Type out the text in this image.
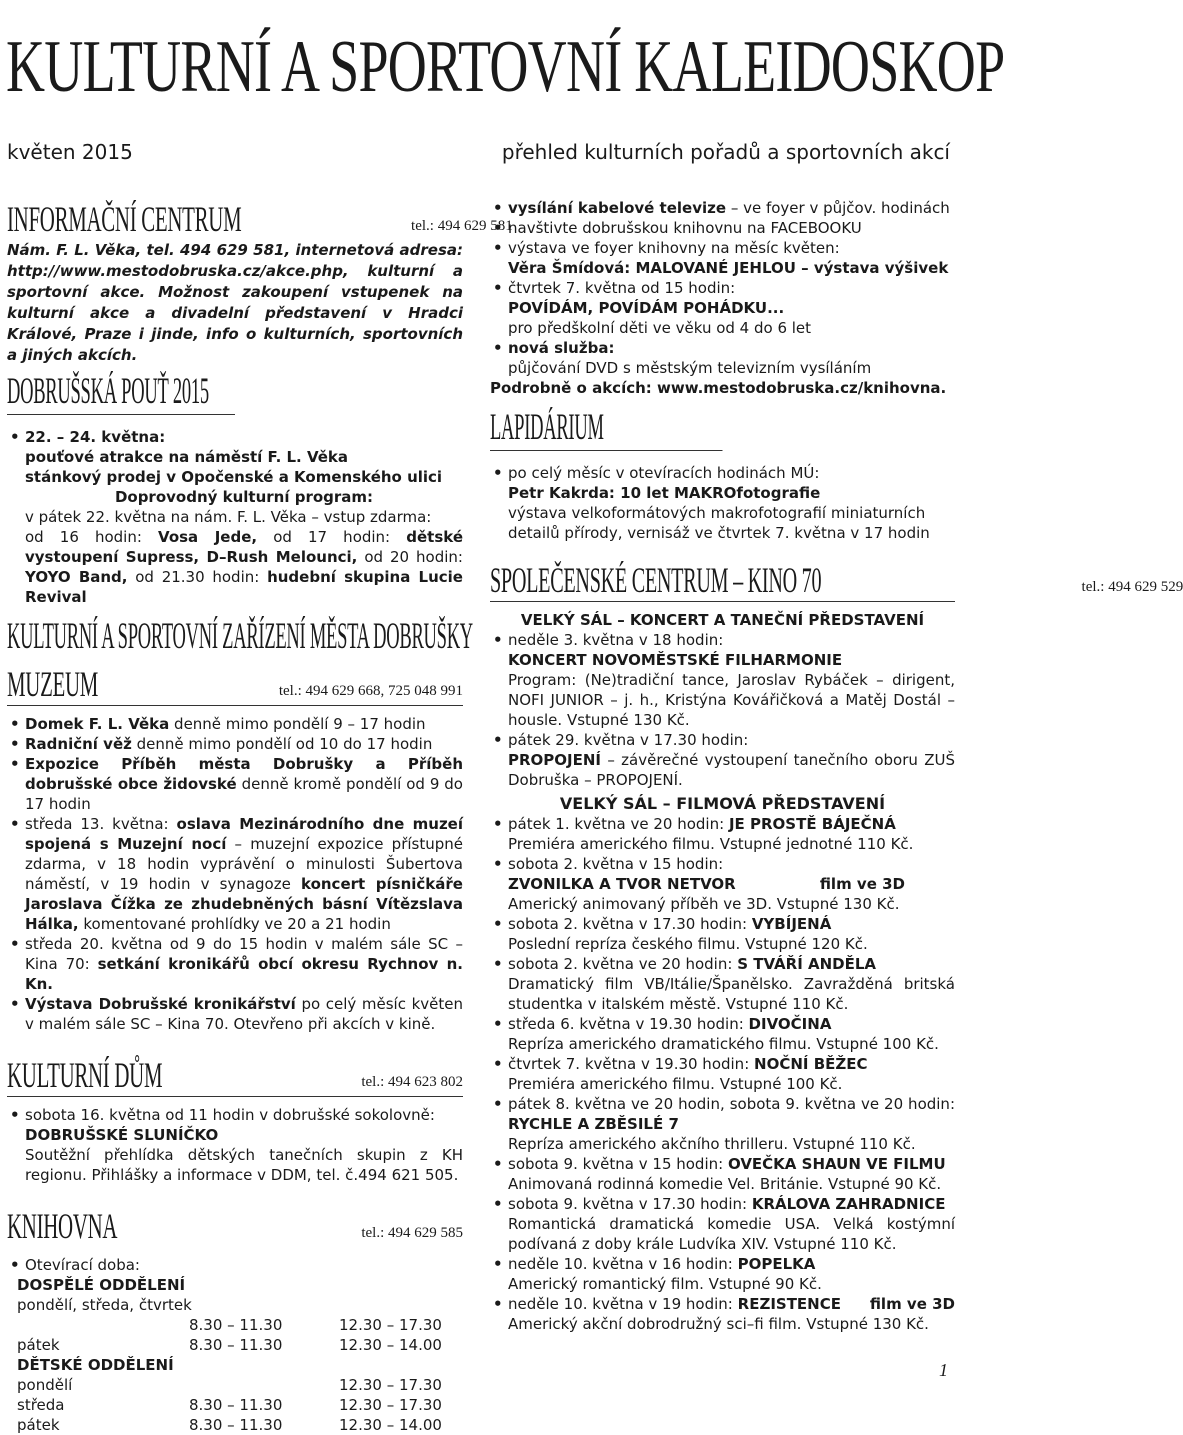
KULTURNÍ A SPORTOVNÍ KALEIDOSKOP
květen 2015	přehled kulturních pořadů a sportovních akcí
INFORMAČNÍ CENTRUM	tel.: 494 629 581

Nám. F. L. Věka, tel. 494 629 581, internetová adresa: http://www.mestodobruska.cz/akce.php, kulturní a sportovní akce. Možnost zakoupení vstupenek na kulturní akce a divadelní představení v Hradci Králové, Praze i jinde, info o kulturních, sportovních a jiných akcích.

DOBRUŠSKÁ POUŤ 2015
• 22. – 24. května:
pouťové atrakce na náměstí F. L. Věka
stánkový prodej v Opočenské a Komenského ulici

Doprovodný kulturní program:
v pátek 22. května na nám. F. L. Věka – vstup zdarma:

od 16 hodin: Vosa Jede, od 17 hodin: dětské vystoupení Supress, D–Rush Melounci, od 20 hodin: YOYO Band, od 21.30 hodin: hudební skupina Lucie Revival
KULTURNÍ A SPORTOVNÍ ZAŘÍZENÍ MĚSTA DOBRUŠKY
MUZEUM	tel.: 494 629 668, 725 048 991
• Domek F. L. Věka denně mimo pondělí 9 – 17 hodin
• Radniční věž denně mimo pondělí od 10 do 17 hodin
• Expozice Příběh města Dobrušky a Příběh dobrušské obce židovské denně kromě pondělí od 9 do 17 hodin
• středa 13. května: oslava Mezinárodního dne muzeí spojená s Muzejní nocí – muzejní expozice přístupné zdarma, v 18 hodin vyprávění o minulosti Šubertova náměstí, v 19 hodin v synagoze koncert písničkáře Jaroslava Čížka ze zhudebněných básní Vítězslava Hálka, komentované prohlídky ve 20 a 21 hodin
• středa 20. května od 9 do 15 hodin v malém sále SC – Kina 70: setkání kronikářů obcí okresu Rychnov n. Kn.
• Výstava Dobrušské kronikářství po celý měsíc květen v malém sále SC – Kina 70. Otevřeno při akcích v kině.
KULTURNÍ DŮM	tel.: 494 623 802
• sobota 16. května od 11 hodin v dobrušské sokolovně:
DOBRUŠSKÉ SLUNÍČKO
Soutěžní přehlídka dětských tanečních skupin z KH regionu. Přihlášky a informace v DDM, tel. č.494 621 505.
KNIHOVNA	tel.: 494 629 585
• Otevírací doba:
DOSPĚLÉ ODDĚLENÍ
pondělí, středa, čtvrtek
	8.30 – 11.30	12.30 – 17.30
pátek	8.30 – 11.30	12.30 – 14.00
DĚTSKÉ ODDĚLENÍ
pondělí		12.30 – 17.30
středa	8.30 – 11.30	12.30 – 17.30
pátek	8.30 – 11.30	12.30 – 14.00
• vysílání kabelové televize – ve foyer v půjčov. hodinách
• navštivte dobrušskou knihovnu na FACEBOOKU
• výstava ve foyer knihovny na měsíc květen:
Věra Šmídová: MALOVANÉ JEHLOU – výstava výšivek
• čtvrtek 7. května od 15 hodin:
POVÍDÁM, POVÍDÁM POHÁDKU...
pro předškolní děti ve věku od 4 do 6 let
• nová služba:
půjčování DVD s městským televizním vysíláním
Podrobně o akcích: www.mestodobruska.cz/knihovna.
LAPIDÁRIUM
• po celý měsíc v otevíracích hodinách MÚ:
Petr Kakrda: 10 let MAKROfotografie
výstava velkoformátových makrofotografií miniaturních detailů přírody, vernisáž ve čtvrtek 7. května v 17 hodin
SPOLEČENSKÉ CENTRUM – KINO 70	tel.: 494 629 529
VELKÝ SÁL – KONCERT A TANEČNÍ PŘEDSTAVENÍ
• neděle 3. května v 18 hodin:
KONCERT NOVOMĚSTSKÉ FILHARMONIE
Program: (Ne)tradiční tance, Jaroslav Rybáček – dirigent, NOFI JUNIOR – j. h., Kristýna Kovářičková a Matěj Dostál – housle. Vstupné 130 Kč.
• pátek 29. května v 17.30 hodin:
PROPOJENÍ – závěrečné vystoupení tanečního oboru ZUŠ Dobruška – PROPOJENÍ.
VELKÝ SÁL – FILMOVÁ PŘEDSTAVENÍ
• pátek 1. května ve 20 hodin: JE PROSTĚ BÁJEČNÁ
Premiéra amerického filmu. Vstupné jednotné 110 Kč.
• sobota 2. května v 15 hodin:
ZVONILKA A TVOR NETVOR	film ve 3D

Americký animovaný příběh ve 3D. Vstupné 130 Kč.
• sobota 2. května v 17.30 hodin: VYBÍJENÁ
Poslední repríza českého filmu. Vstupné 120 Kč.
• sobota 2. května ve 20 hodin: S TVÁŘÍ ANDĚLA
Dramatický film VB/Itálie/Španělsko. Zavražděná britská studentka v italském městě. Vstupné 110 Kč.
• středa 6. května v 19.30 hodin: DIVOČINA
Repríza amerického dramatického filmu. Vstupné 100 Kč.
• čtvrtek 7. května v 19.30 hodin: NOČNÍ BĚŽEC
Premiéra amerického filmu. Vstupné 100 Kč.
• pátek 8. května ve 20 hodin, sobota 9. května ve 20 hodin: RYCHLE A ZBĚSILÉ 7
Repríza amerického akčního thrilleru. Vstupné 110 Kč.
• sobota 9. května v 15 hodin: OVEČKA SHAUN VE FILMU
Animovaná rodinná komedie Vel. Británie. Vstupné 90 Kč.
• sobota 9. května v 17.30 hodin: KRÁLOVA ZAHRADNICE
Romantická dramatická komedie USA. Velká kostýmní podívaná z doby krále Ludvíka XIV. Vstupné 110 Kč.
• neděle 10. května v 16 hodin: POPELKA
Americký romantický film. Vstupné 90 Kč.
• neděle 10. května v 19 hodin: REZISTENCE film ve 3D

Americký akční dobrodružný sci–fi film. Vstupné 130 Kč.
1
